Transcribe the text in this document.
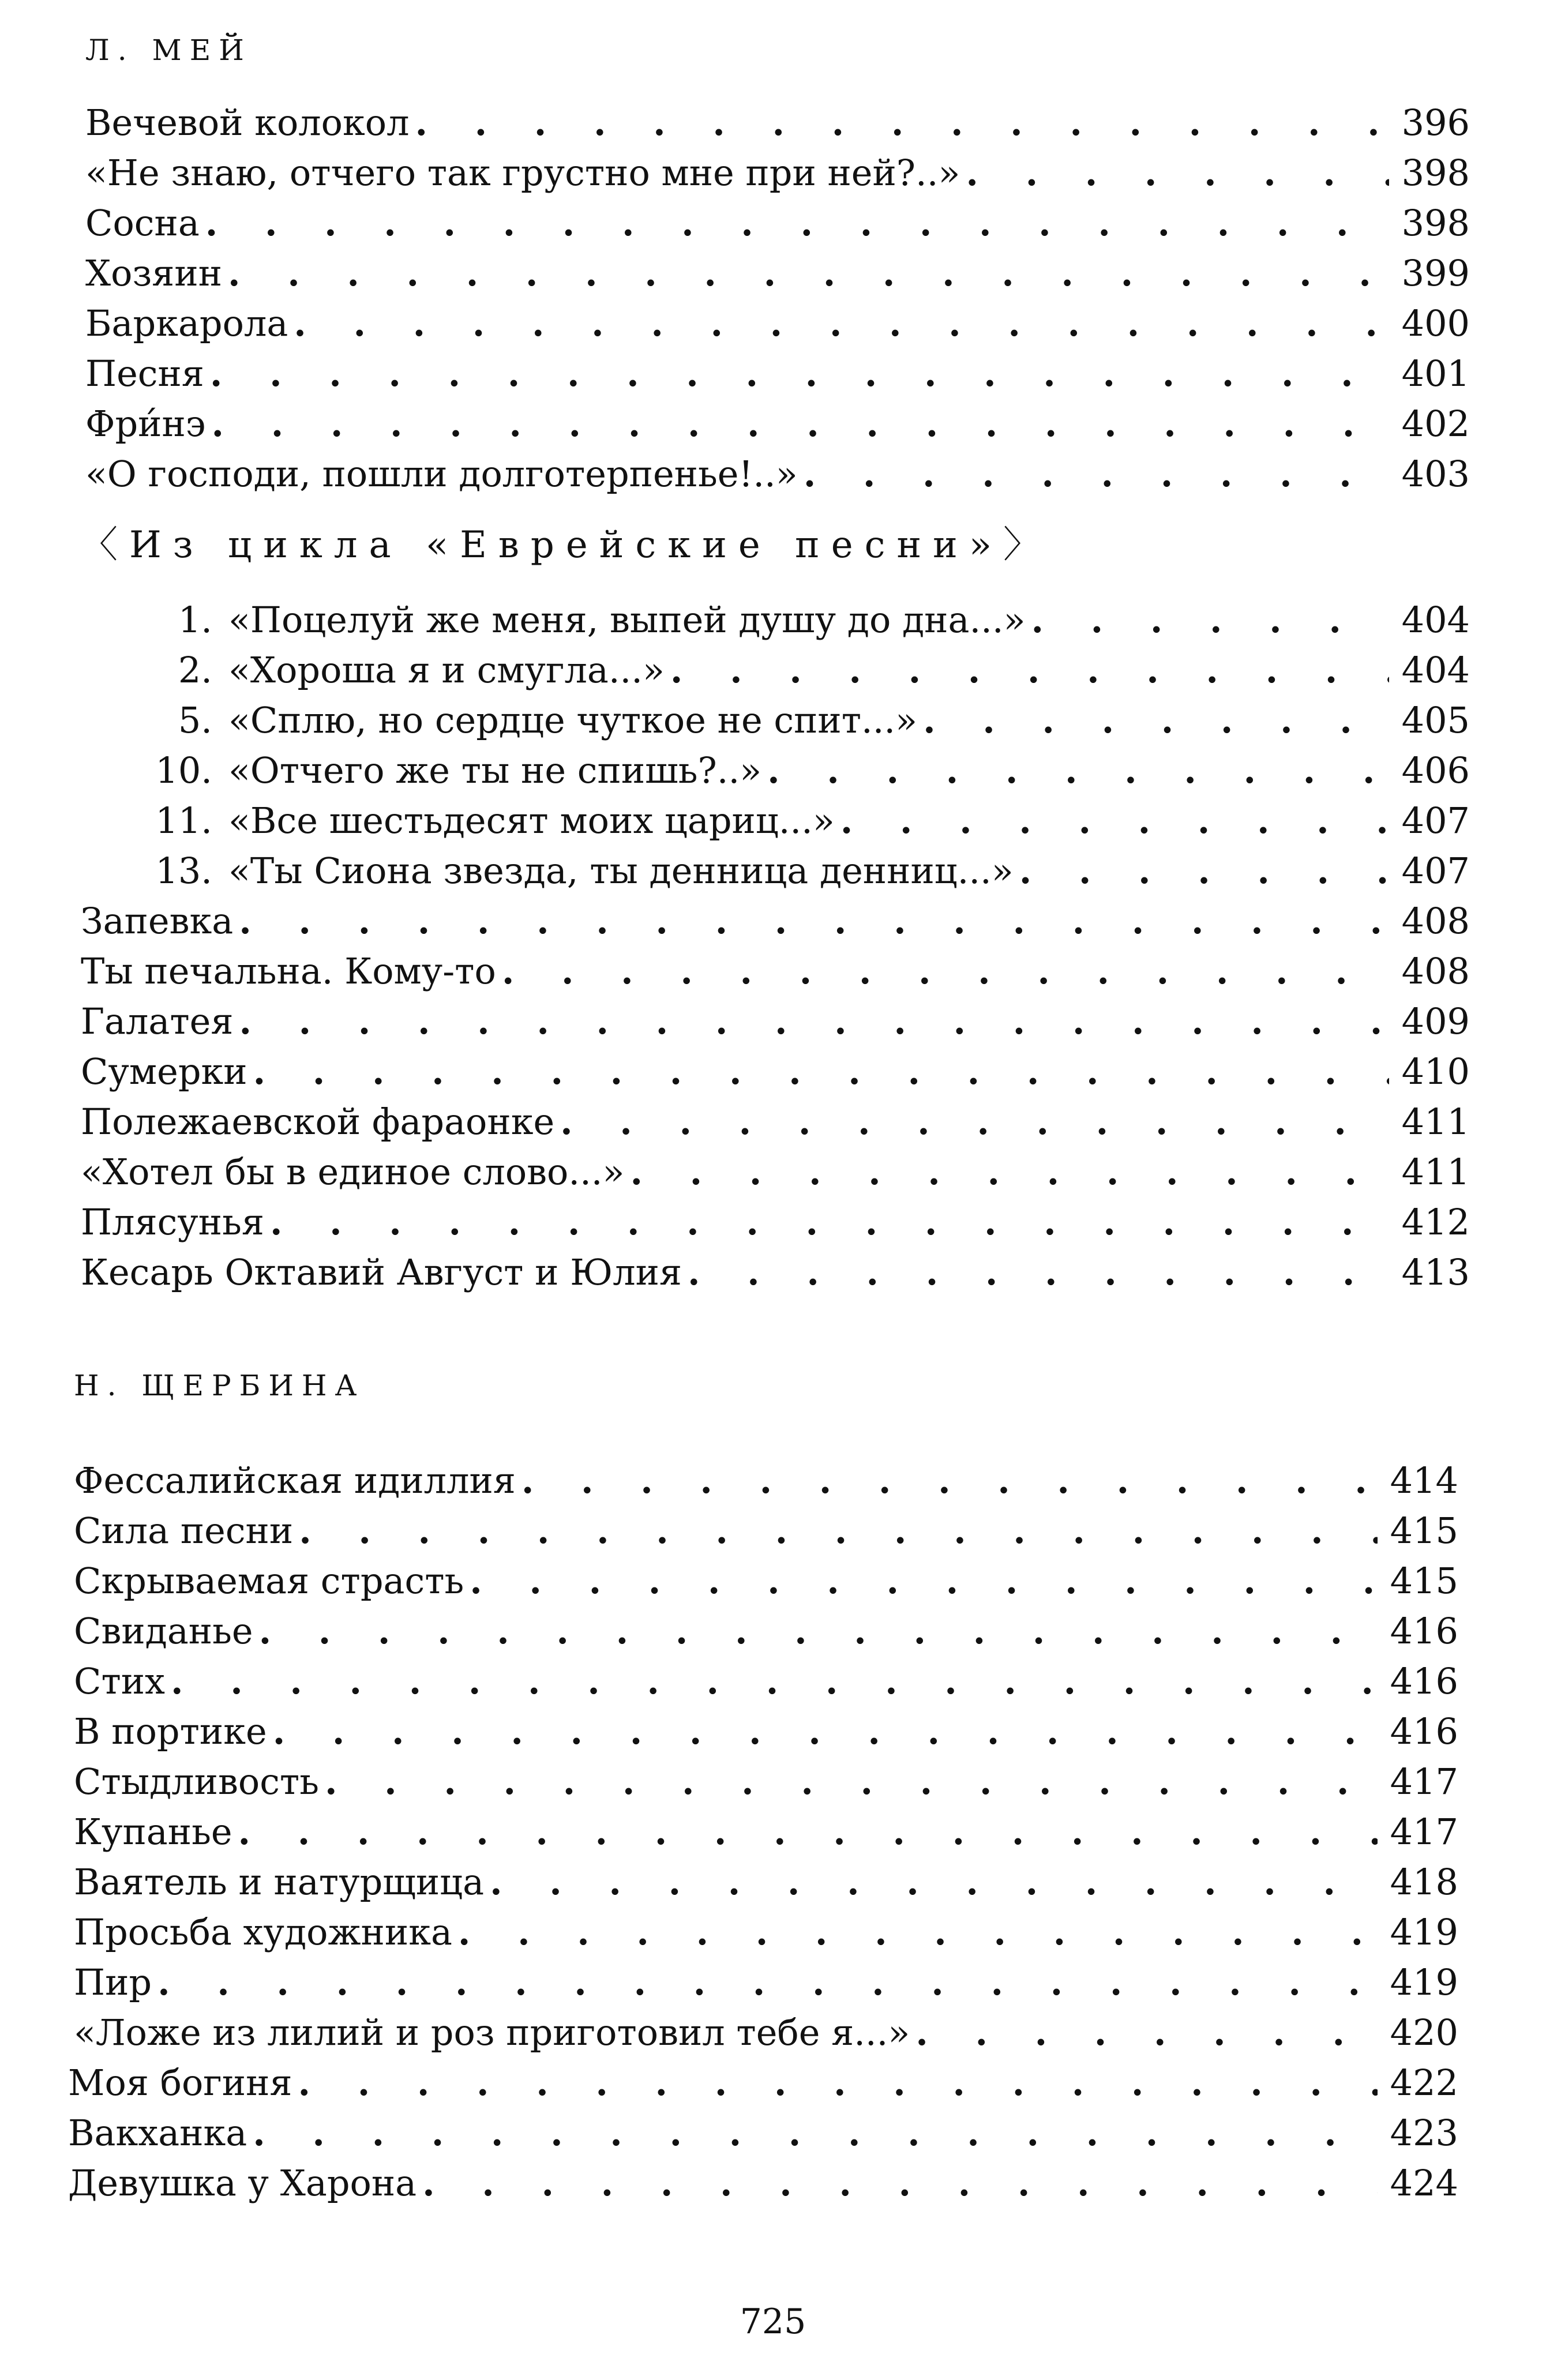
Л. МЕЙ
Вечевой колокол . . .	396
«Не знаю, отчего так грустно мне при ней?..» . . .	398
Сосна . . .	398
Хозяин . . .	399
Баркарола . . .	400
Песня . . .	401
Фри́нэ . . .	402
«О господи, пошли долготерпенье!..» . . .	403
〈Из цикла «Еврейские песни»〉
1. «Поцелуй же меня, выпей душу до дна...» . . .	404
2. «Хороша я и смугла...» . . .	404
5. «Сплю, но сердце чуткое не спит...» . . .	405
10. «Отчего же ты не спишь?..» . . .	406
11. «Все шестьдесят моих цариц...» . . .	407
13. «Ты Сиона звезда, ты денница денниц...» . . .	407
Запевка . . .	408
Ты печальна. Кому-то . . .	408
Галатея . . .	409
Сумерки . . .	410
Полежаевской фараонке . . .	411
«Хотел бы в единое слово...» . . .	411
Плясунья . . .	412
Кесарь Октавий Август и Юлия . . .	413
Н. ЩЕРБИНА
Фессалийская идиллия . . .	414
Сила песни . . .	415
Скрываемая страсть . . .	415
Свиданье . . .	416
Стих . . .	416
В портике . . .	416
Стыдливость . . .	417
Купанье . . .	417
Ваятель и натурщица . . .	418
Просьба художника . . .	419
Пир . . .	419
«Ложе из лилий и роз приготовил тебе я...» . . .	420
Моя богиня . . .	422
Вакханка . . .	423
Девушка у Харона . . .	424
725
